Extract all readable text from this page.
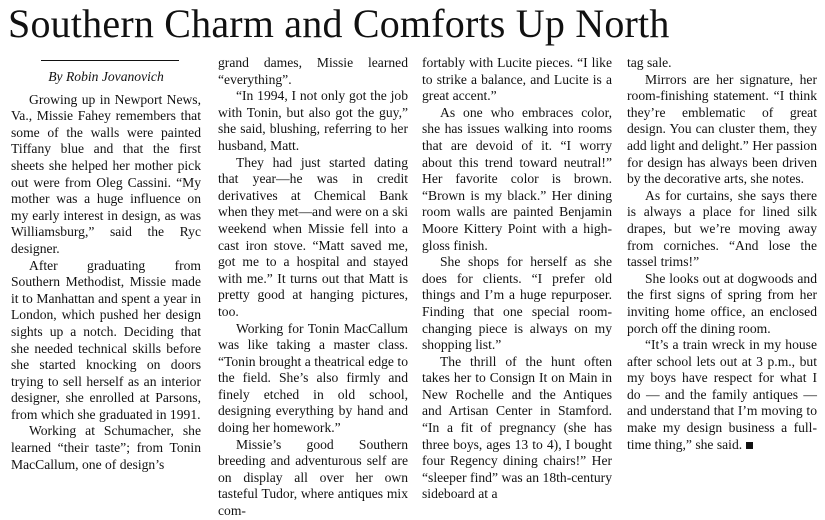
Southern Charm and Comforts Up North

By Robin Jovanovich

Growing up in Newport News, Va., Missie Fahey remembers that some of the walls were painted Tiffany blue and that the first sheets she helped her mother pick out were from Oleg Cassini. “My mother was a huge influence on my early interest in design, as was Williamsburg,” said the Ryc designer.

After graduating from Southern Methodist, Missie made it to Manhattan and spent a year in London, which pushed her design sights up a notch. Deciding that she needed technical skills before she started knocking on doors trying to sell herself as an interior designer, she enrolled at Parsons, from which she graduated in 1991.

Working at Schumacher, she learned “their taste”; from Tonin MacCallum, one of design’s

grand dames, Missie learned “everything”.

“In 1994, I not only got the job with Tonin, but also got the guy,” she said, blushing, referring to her husband, Matt.

They had just started dating that year—he was in credit derivatives at Chemical Bank when they met—and were on a ski weekend when Missie fell into a cast iron stove. “Matt saved me, got me to a hospital and stayed with me.” It turns out that Matt is pretty good at hanging pictures, too.

Working for Tonin MacCallum was like taking a master class. “Tonin brought a theatrical edge to the field. She’s also firmly and finely etched in old school, designing everything by hand and doing her homework.”

Missie’s good Southern breeding and adventurous self are on display all over her own tasteful Tudor, where antiques mix com-

fortably with Lucite pieces. “I like to strike a balance, and Lucite is a great accent.”

As one who embraces color, she has issues walking into rooms that are devoid of it. “I worry about this trend toward neutral!” Her favorite color is brown. “Brown is my black.” Her dining room walls are painted Benjamin Moore Kittery Point with a high-gloss finish.

She shops for herself as she does for clients. “I prefer old things and I’m a huge repurposer. Finding that one special room-changing piece is always on my shopping list.”

The thrill of the hunt often takes her to Consign It on Main in New Rochelle and the Antiques and Artisan Center in Stamford. “In a fit of pregnancy (she has three boys, ages 13 to 4), I bought four Regency dining chairs!” Her “sleeper find” was an 18th-century sideboard at a

tag sale.

Mirrors are her signature, her room-finishing statement. “I think they’re emblematic of great design. You can cluster them, they add light and delight.” Her passion for design has always been driven by the decorative arts, she notes.

As for curtains, she says there is always a place for lined silk drapes, but we’re moving away from corniches. “And lose the tassel trims!”

She looks out at dogwoods and the first signs of spring from her inviting home office, an enclosed porch off the dining room.

“It’s a train wreck in my house after school lets out at 3 p.m., but my boys have respect for what I do — and the family antiques — and understand that I’m moving to make my design business a full-time thing,” she said.
